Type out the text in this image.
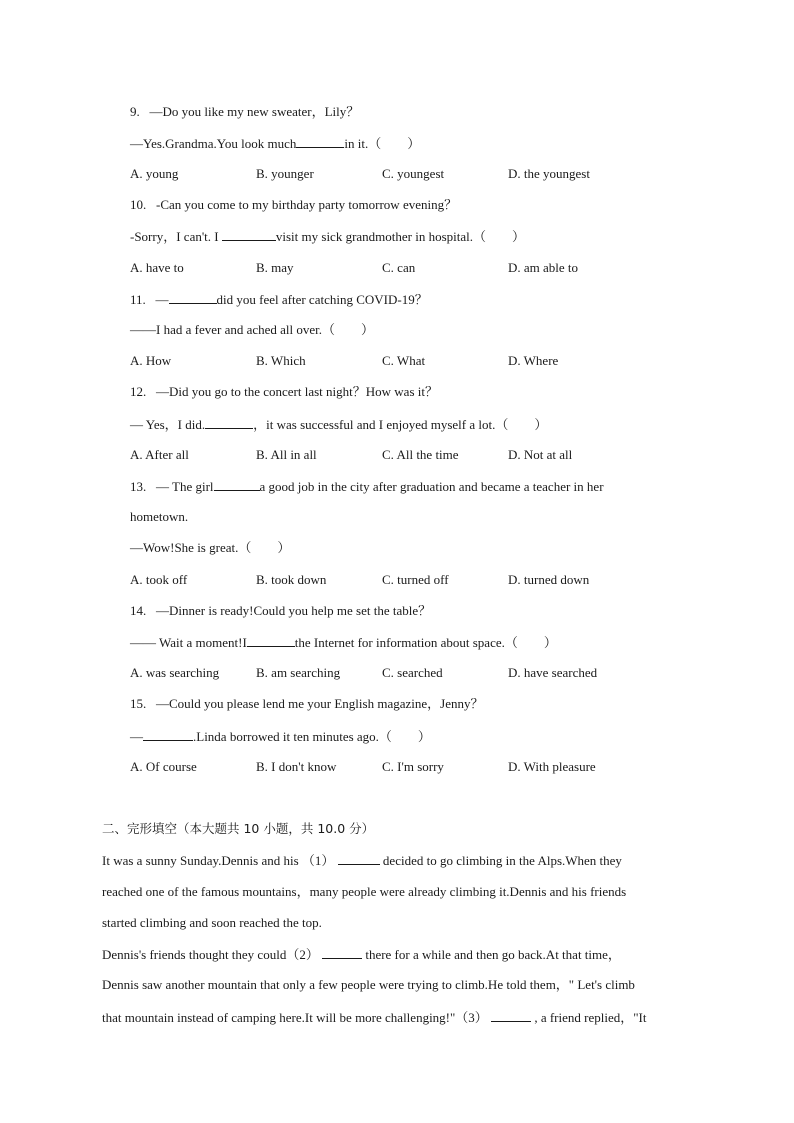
9. —Do you like my new sweater，Lily？
—Yes.Grandma.You look much	in it.（　　）
A. young	B. younger	C. youngest	D. the youngest
10. -Can you come to my birthday party tomorrow evening？
-Sorry，I can't. I	visit my sick grandmother in hospital.（　　）
A. have to	B. may	C. can	D. am able to
11. —	did you feel after catching COVID-19？
——I had a fever and ached all over.（　　）
A. How	B. Which	C. What	D. Where
12. —Did you go to the concert last night？How was it？
— Yes，I did.	，it was successful and I enjoyed myself a lot.（　　）
A. After all	B. All in all	C. All the time	D. Not at all
13. — The girl	a good job in the city after graduation and became a teacher in her
hometown.
—Wow!She is great.（　　）
A. took off	B. took down	C. turned off	D. turned down
14. —Dinner is ready!Could you help me set the table？
—— Wait a moment!I	the Internet for information about space.（　　）
A. was searching	B. am searching	C. searched	D. have searched
15. —Could you please lend me your English magazine，Jenny？
—	.Linda borrowed it ten minutes ago.（　　）
A. Of course	B. I don't know	C. I'm sorry	D. With pleasure
二、完形填空（本大题共 10 小题，共 10.0 分）
It was a sunny Sunday.Dennis and his （1）	decided to go climbing in the Alps.When they
reached one of the famous mountains，many people were already climbing it.Dennis and his friends
started climbing and soon reached the top.
Dennis's friends thought they could（2）	there for a while and then go back.At that time，
Dennis saw another mountain that only a few people were trying to climb.He told them，" Let's climb
that mountain instead of camping here.It will be more challenging!"（3）	, a friend replied，"It
